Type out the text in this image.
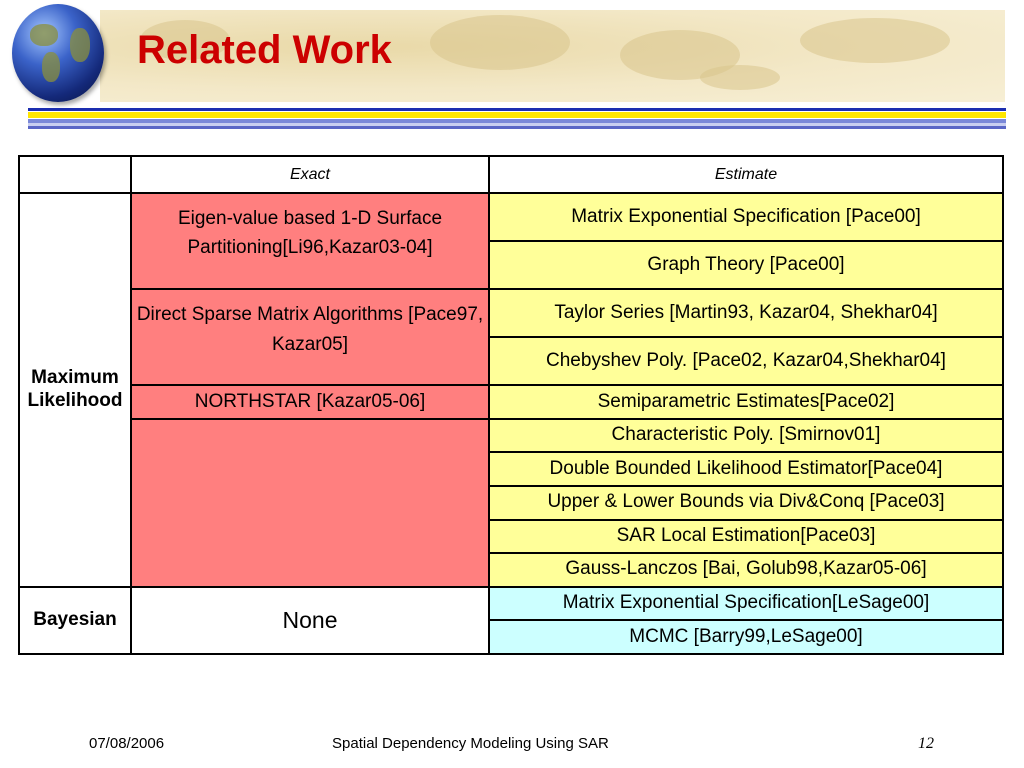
Related Work
	Exact	Estimate
Maximum Likelihood	Eigen-value based 1-D Surface Partitioning[Li96,Kazar03-04]	Matrix Exponential Specification [Pace00]
		Graph Theory [Pace00]
	Direct Sparse Matrix Algorithms [Pace97, Kazar05]	Taylor Series [Martin93, Kazar04, Shekhar04]
		Chebyshev Poly. [Pace02, Kazar04,Shekhar04]
	NORTHSTAR [Kazar05-06]	Semiparametric Estimates[Pace02]
		Characteristic Poly. [Smirnov01]
		Double Bounded Likelihood Estimator[Pace04]
		Upper & Lower Bounds via Div&Conq [Pace03]
		SAR Local Estimation[Pace03]
		Gauss-Lanczos [Bai, Golub98,Kazar05-06]
Bayesian	None	Matrix Exponential Specification[LeSage00]
		MCMC [Barry99,LeSage00]
07/08/2006	Spatial Dependency Modeling Using SAR	12
